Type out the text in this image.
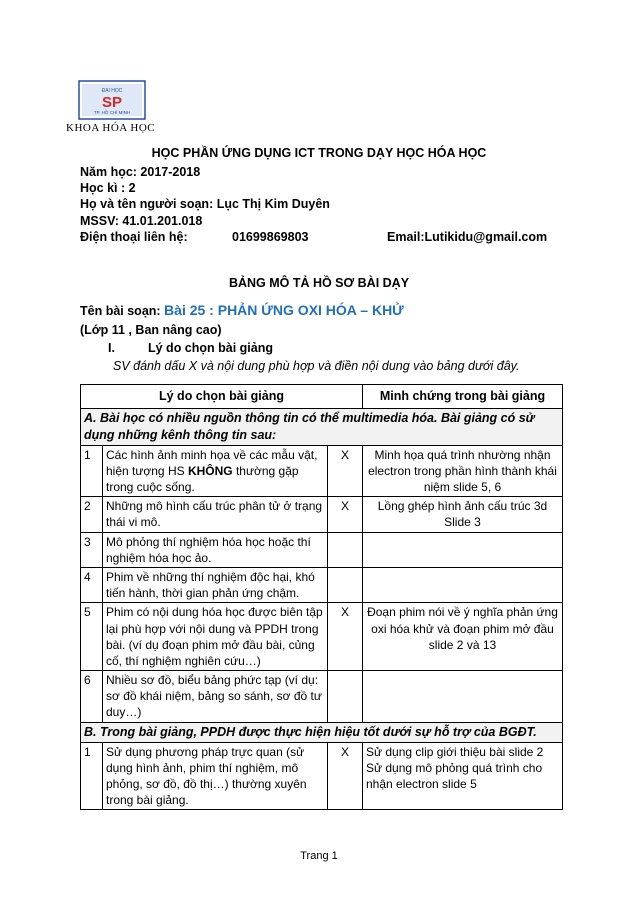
ĐẠI HỌC
SP
TP. HỒ CHÍ MINH
KHOA HÓA HỌC
HỌC PHẦN ỨNG DỤNG ICT TRONG DẠY HỌC HÓA HỌC
Năm học: 2017-2018
Học kì : 2
Họ và tên người soạn: Lục Thị Kim Duyên
MSSV: 41.01.201.018
Điện thoại liên hệ:	01699869803	Email:Lutikidu@gmail.com
BẢNG MÔ TẢ HỒ SƠ BÀI DẠY
Tên bài soạn: Bài 25 : PHẢN ỨNG OXI HÓA – KHỬ
(Lớp 11 , Ban nâng cao)
I.	Lý do chọn bài giảng
SV đánh dấu X và nội dung phù hợp và điền nội dung vào bảng dưới đây.
Lý do chọn bài giảng			Minh chứng trong bài giảng
A. Bài học có nhiều nguồn thông tin có thể multimedia hóa. Bài giảng có sử dụng những kênh thông tin sau:			
1	Các hình ảnh minh họa về các mẫu vật, hiện tượng HS KHÔNG thường gặp trong cuộc sống.	X	Minh họa quá trình nhường nhận electron trong phần hình thành khái niệm slide 5, 6
2	Những mô hình cấu trúc phân tử ở trạng thái vi mô.	X	Lồng ghép hình ảnh cấu trúc 3d Slide 3
3	Mô phỏng thí nghiệm hóa học hoặc thí nghiệm hóa học ảo.		
4	Phim về những thí nghiệm độc hại, khó tiến hành, thời gian phản ứng chậm.		
5	Phim có nội dung hóa học được biên tập lại phù hợp với nội dung và PPDH trong bài. (ví dụ đoạn phim mở đầu bài, củng cố, thí nghiệm nghiên cứu…)	X	Đoạn phim nói về ý nghĩa phản ứng oxi hóa khử và đoạn phim mở đầu slide 2 và 13
6	Nhiều sơ đồ, biểu bảng phức tạp (ví dụ: sơ đồ khái niệm, bảng so sánh, sơ đồ tư duy…)		
B. Trong bài giảng, PPDH được thực hiện hiệu tốt dưới sự hỗ trợ của BGĐT.			
1	Sử dụng phương pháp trực quan (sử dụng hình ảnh, phim thí nghiệm, mô phỏng, sơ đồ, đồ thị…) thường xuyên trong bài giảng.	X	Sử dụng clip giới thiệu bài slide 2
Sử dụng mô phỏng quá trình cho nhận electron slide 5
Trang 1
